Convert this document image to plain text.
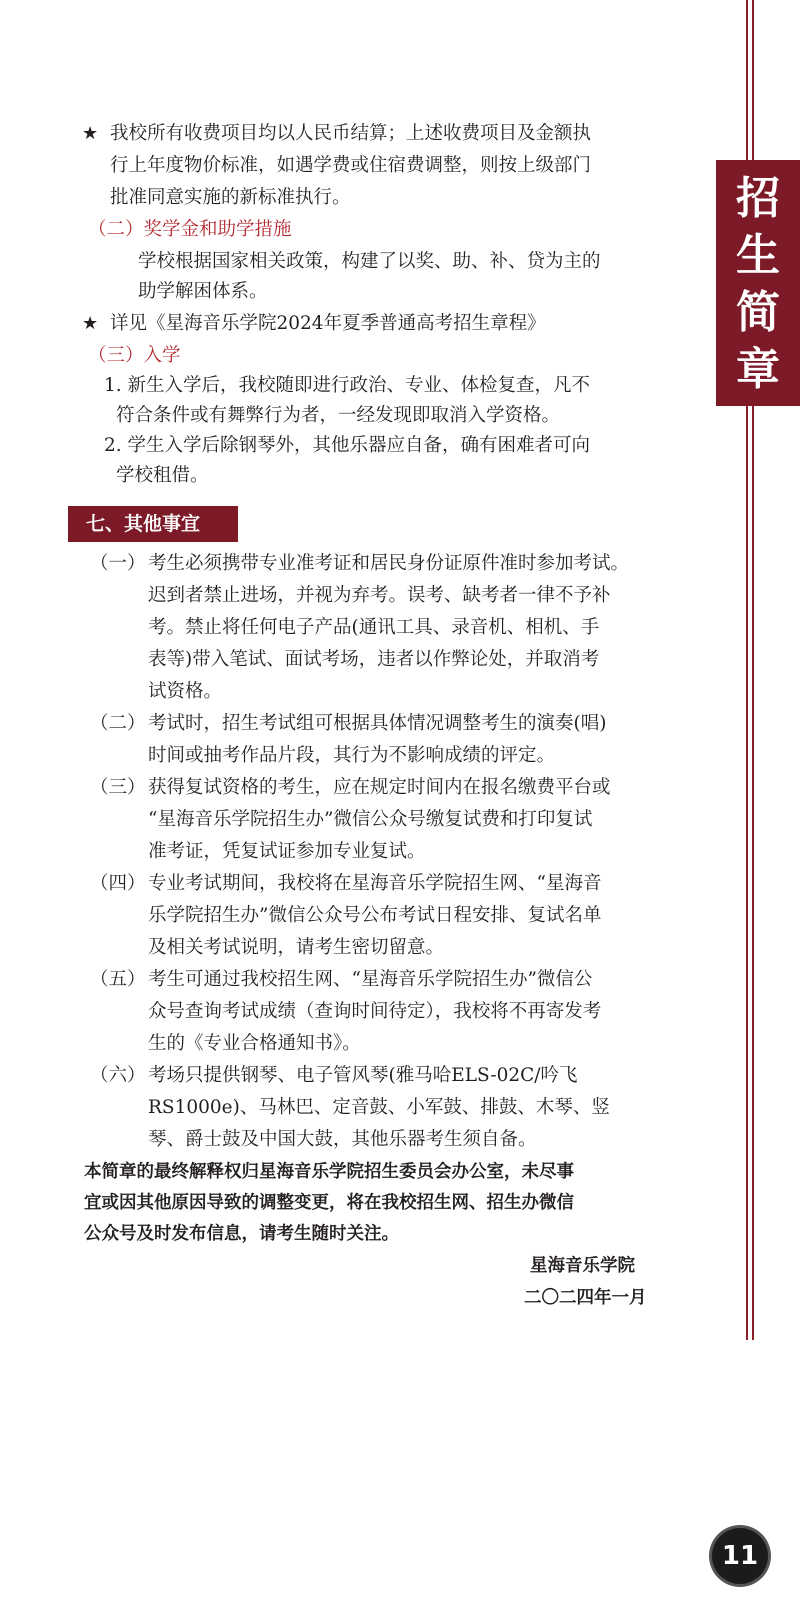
招
生
简
章
★ 我校所有收费项目均以人民币结算；上述收费项目及金额执
行上年度物价标准，如遇学费或住宿费调整，则按上级部门
批准同意实施的新标准执行。
（二）奖学金和助学措施
学校根据国家相关政策，构建了以奖、助、补、贷为主的
助学解困体系。
★ 详见《星海音乐学院2024年夏季普通高考招生章程》
（三）入学
1. 新生入学后，我校随即进行政治、专业、体检复查，凡不
符合条件或有舞弊行为者，一经发现即取消入学资格。
2. 学生入学后除钢琴外，其他乐器应自备，确有困难者可向
学校租借。
七、其他事宜
（一） 考生必须携带专业准考证和居民身份证原件准时参加考试。
迟到者禁止进场，并视为弃考。误考、缺考者一律不予补
考。禁止将任何电子产品(通讯工具、录音机、相机、手
表等)带入笔试、面试考场，违者以作弊论处，并取消考
试资格。
（二） 考试时，招生考试组可根据具体情况调整考生的演奏(唱)
时间或抽考作品片段，其行为不影响成绩的评定。
（三） 获得复试资格的考生，应在规定时间内在报名缴费平台或
“星海音乐学院招生办”微信公众号缴复试费和打印复试
准考证，凭复试证参加专业复试。
（四） 专业考试期间，我校将在星海音乐学院招生网、“星海音
乐学院招生办”微信公众号公布考试日程安排、复试名单
及相关考试说明，请考生密切留意。
（五） 考生可通过我校招生网、“星海音乐学院招生办”微信公
众号查询考试成绩（查询时间待定），我校将不再寄发考
生的《专业合格通知书》。
（六） 考场只提供钢琴、电子管风琴(雅马哈ELS-02C/吟飞
RS1000e)、马林巴、定音鼓、小军鼓、排鼓、木琴、竖
琴、爵士鼓及中国大鼓，其他乐器考生须自备。
本简章的最终解释权归星海音乐学院招生委员会办公室，未尽事
宜或因其他原因导致的调整变更，将在我校招生网、招生办微信
公众号及时发布信息，请考生随时关注。
星海音乐学院
二〇二四年一月
11
